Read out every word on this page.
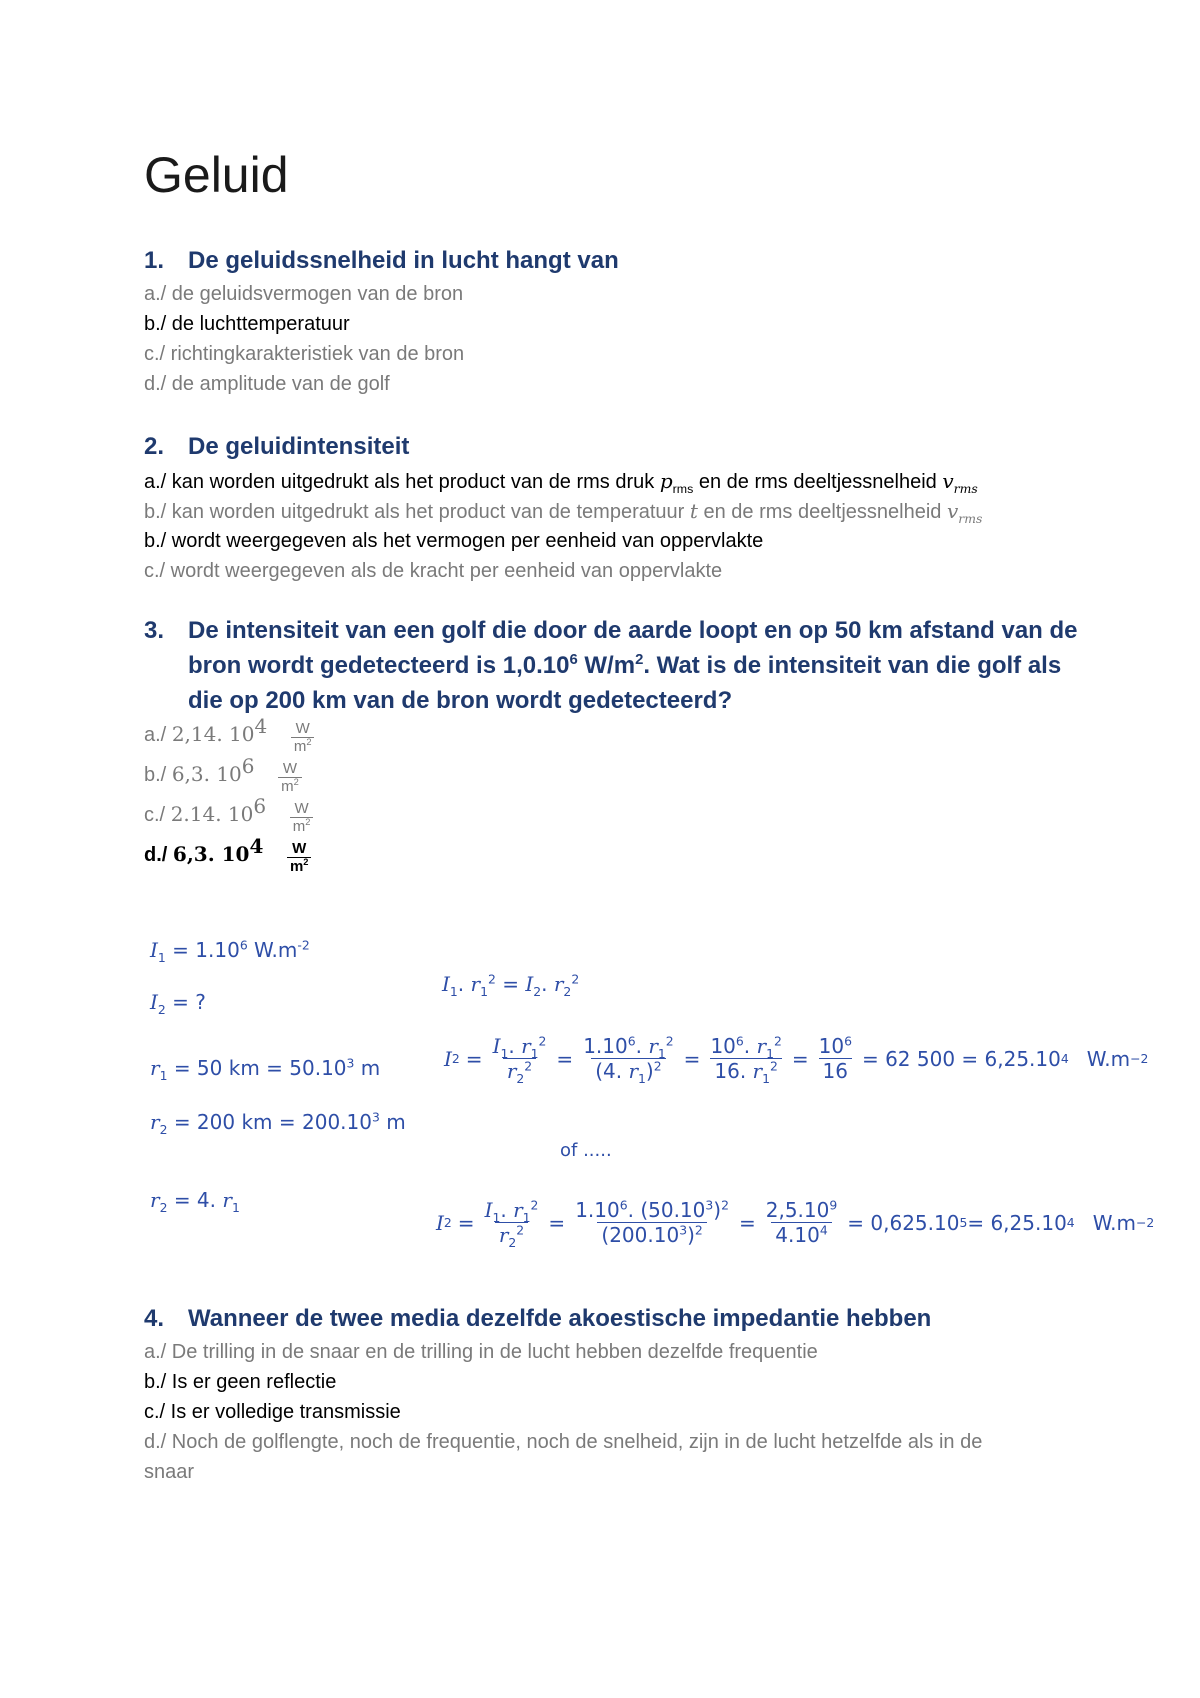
Geluid
1. De geluidssnelheid in lucht hangt van
a./ de geluidsvermogen van de bron
b./ de luchttemperatuur
c./ richtingkarakteristiek van de bron
d./ de amplitude van de golf
2. De geluidintensiteit
a./ kan worden uitgedrukt als het product van de rms druk $p_{rms}$ en de rms deeltjessnelheid $v_{rms}$
b./ kan worden uitgedrukt als het product van de temperatuur t en de rms deeltjessnelheid $v_{rms}$
b./ wordt weergegeven als het vermogen per eenheid van oppervlakte
c./ wordt weergegeven als de kracht per eenheid van oppervlakte
3. De intensiteit van een golf die door de aarde loopt en op 50 km afstand van de
bron wordt gedetecteerd is 1,0.10$^6$ $W/m^2$. Wat is de intensiteit van die golf als
die op 200 km van de bron wordt gedetecteerd?
a./ 2,14. $10^4 \frac{W}{m^2}$
b./ 6,3. $10^6 \frac{W}{m^2}$
c./ 2.14. $10^6 \frac{W}{m^2}$
d./ 6,3. $10^4 \frac{W}{m^2}$
$I_1 = 1.10^6$ $W.m^{-2}$
$I_2$ = ?
$r_1 = 50$ km = $50.10^3$ m
$r_2 = 200$ km = $200.10^3$ m
$r_2 = 4$. $r_1$
$I_1$. $r_1^2 = I_2$. $r_2^2$
I $2 = \frac{I_1. r_1^2}{r_2^2} = \frac{1.10^6. r_1^2}{(4. r_1)^2} = \frac{10^6. r_1^2}{16. r_1^2} = \frac{10^6}{16} = 62$ 500 = 6,25.10 4 W.m −2
of .....
I $2 = \frac{I_1. r_1^2}{r_2^2} = \frac{1.10^6. (50.10^3)^2}{(200.10^3)^2} = \frac{2,5.10^9}{4.10^4} = 0,625.10$ 5 = 6,25.10 4 W.m −2
4. Wanneer de twee media dezelfde akoestische impedantie hebben
a./ De trilling in de snaar en de trilling in de lucht hebben dezelfde frequentie
b./ Is er geen reflectie
c./ Is er volledige transmissie
d./ Noch de golflengte, noch de frequentie, noch de snelheid, zijn in de lucht hetzelfde als in de
snaar
